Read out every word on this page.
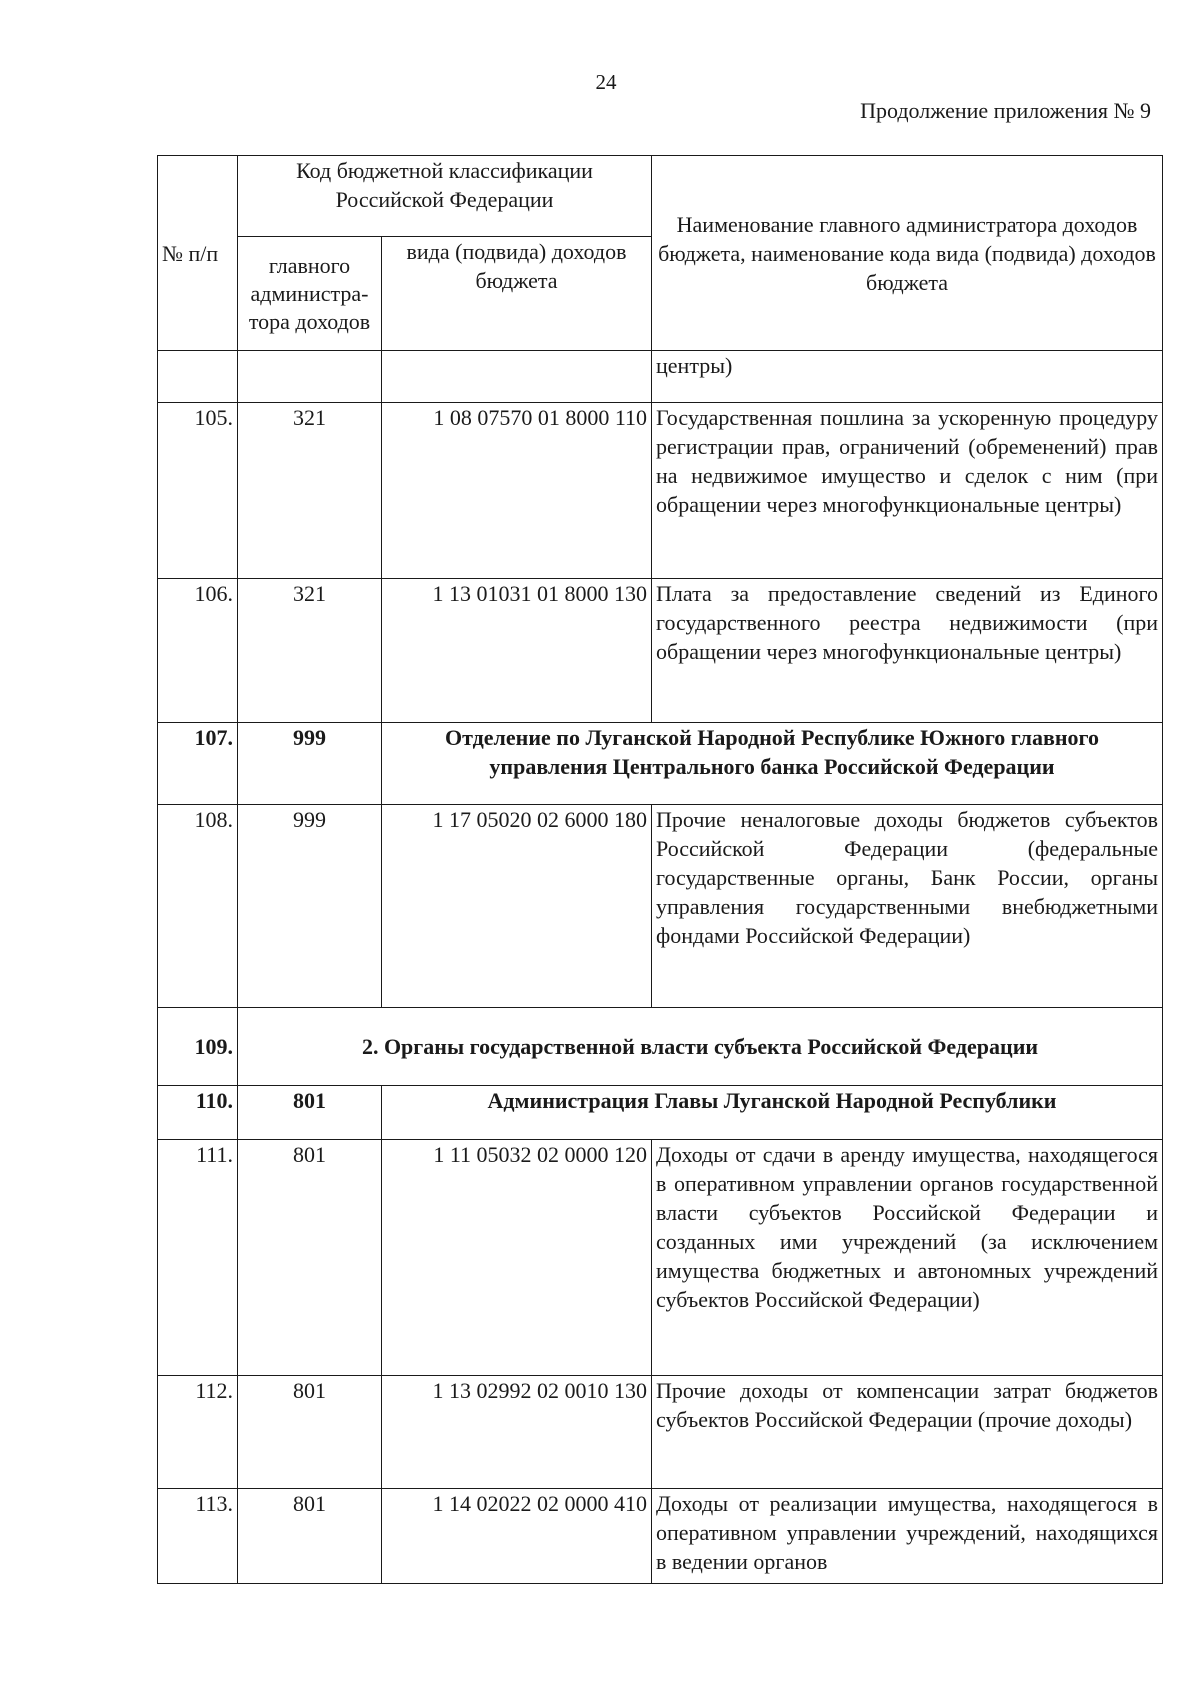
24
Продолжение приложения № 9
№ п/п	Код бюджетной классификации Российской Федерации		Наименование главного администратора доходов бюджета, наименование кода вида (подвида) доходов бюджета
	главного администра-тора доходов	вида (подвида) доходов бюджета	
			центры)
105.	321	1 08 07570 01 8000 110	Государственная пошлина за ускоренную процедуру регистрации прав, ограничений (обременений) прав на недвижимое имущество и сделок с ним (при обращении через многофункциональные центры)
106.	321	1 13 01031 01 8000 130	Плата за предоставление сведений из Единого государственного реестра недвижимости (при обращении через многофункциональные центры)
107.	999	Отделение по Луганской Народной Республике Южного главного управления Центрального банка Российской Федерации	
108.	999	1 17 05020 02 6000 180	Прочие неналоговые доходы бюджетов субъектов Российской Федерации (федеральные государственные органы, Банк России, органы управления государственными внебюджетными фондами Российской Федерации)
109.	2. Органы государственной власти субъекта Российской Федерации		
110.	801	Администрация Главы Луганской Народной Республики	
111.	801	1 11 05032 02 0000 120	Доходы от сдачи в аренду имущества, находящегося в оперативном управлении органов государственной власти субъектов Российской Федерации и созданных ими учреждений (за исключением имущества бюджетных и автономных учреждений субъектов Российской Федерации)
112.	801	1 13 02992 02 0010 130	Прочие доходы от компенсации затрат бюджетов субъектов Российской Федерации (прочие доходы)
113.	801	1 14 02022 02 0000 410	Доходы от реализации имущества, находящегося в оперативном управлении учреждений, находящихся в ведении органов
